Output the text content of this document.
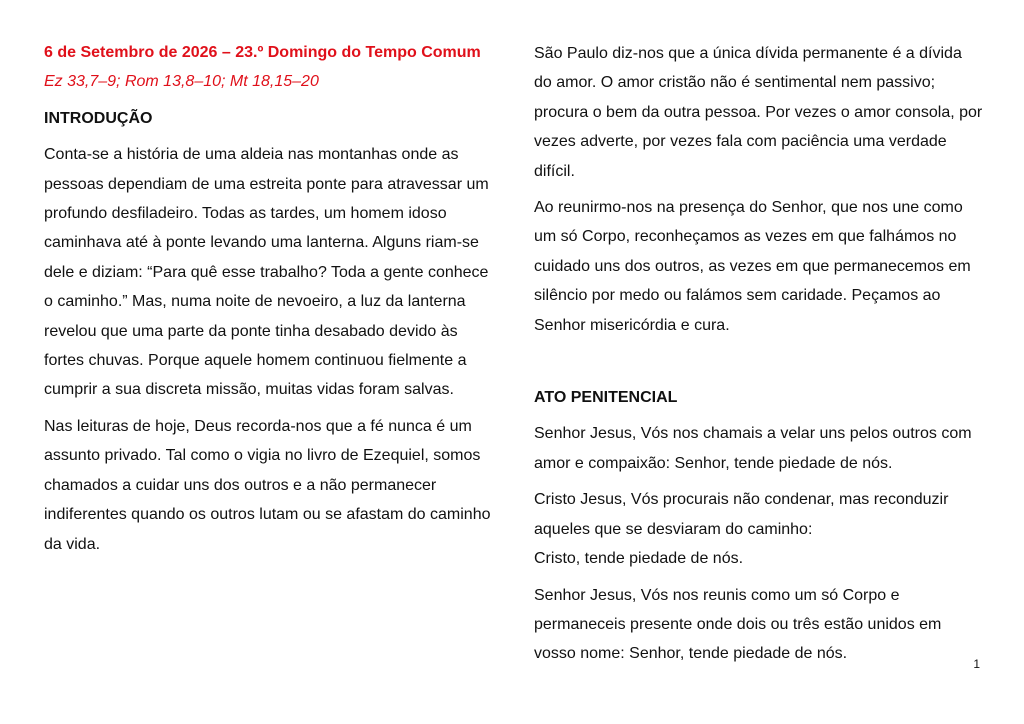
6 de Setembro de 2026 – 23.º Domingo do Tempo Comum

Ez 33,7–9; Rom 13,8–10; Mt 18,15–20

INTRODUÇÃO

Conta-se a história de uma aldeia nas montanhas onde as pessoas dependiam de uma estreita ponte para atravessar um profundo desfiladeiro. Todas as tardes, um homem idoso caminhava até à ponte levando uma lanterna. Alguns riam-se dele e diziam: “Para quê esse trabalho? Toda a gente conhece o caminho.” Mas, numa noite de nevoeiro, a luz da lanterna revelou que uma parte da ponte tinha desabado devido às fortes chuvas. Porque aquele homem continuou fielmente a cumprir a sua discreta missão, muitas vidas foram salvas.

Nas leituras de hoje, Deus recorda-nos que a fé nunca é um assunto privado. Tal como o vigia no livro de Ezequiel, somos chamados a cuidar uns dos outros e a não permanecer indiferentes quando os outros lutam ou se afastam do caminho da vida.

São Paulo diz-nos que a única dívida permanente é a dívida do amor. O amor cristão não é sentimental nem passivo; procura o bem da outra pessoa. Por vezes o amor consola, por vezes adverte, por vezes fala com paciência uma verdade difícil.

Ao reunirmo-nos na presença do Senhor, que nos une como um só Corpo, reconheçamos as vezes em que falhámos no cuidado uns dos outros, as vezes em que permanecemos em silêncio por medo ou falámos sem caridade. Peçamos ao Senhor misericórdia e cura.

ATO PENITENCIAL

Senhor Jesus, Vós nos chamais a velar uns pelos outros com amor e compaixão: Senhor, tende piedade de nós.

Cristo Jesus, Vós procurais não condenar, mas reconduzir aqueles que se desviaram do caminho:

Cristo, tende piedade de nós.

Senhor Jesus, Vós nos reunis como um só Corpo e permaneceis presente onde dois ou três estão unidos em vosso nome: Senhor, tende piedade de nós.

1
